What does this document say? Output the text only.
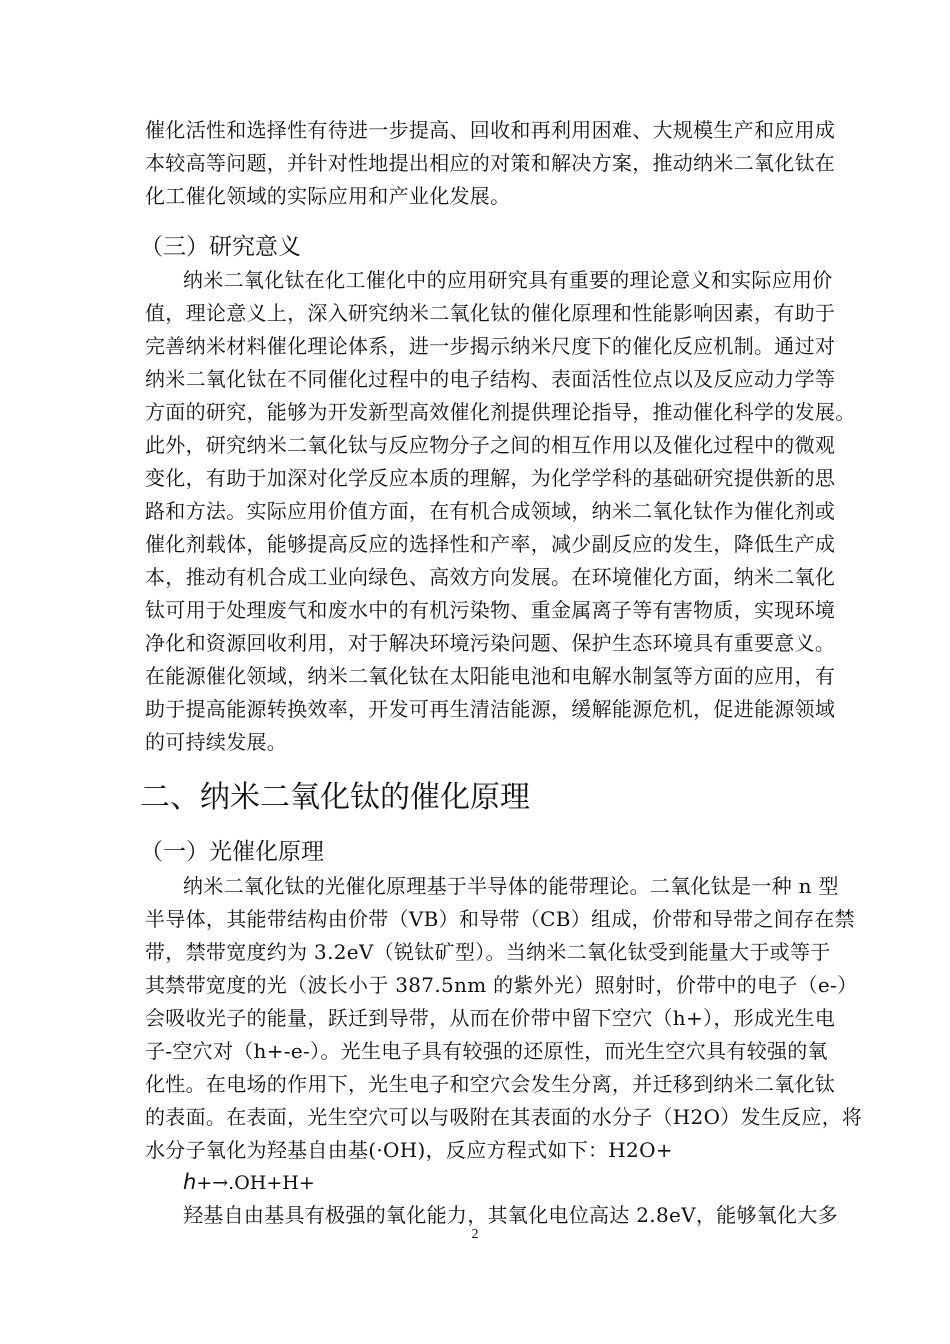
催化活性和选择性有待进一步提高、回收和再利用困难、大规模生产和应用成
本较高等问题，并针对性地提出相应的对策和解决方案，推动纳米二氧化钛在
化工催化领域的实际应用和产业化发展。
（三）研究意义
纳米二氧化钛在化工催化中的应用研究具有重要的理论意义和实际应用价
值，理论意义上，深入研究纳米二氧化钛的催化原理和性能影响因素，有助于
完善纳米材料催化理论体系，进一步揭示纳米尺度下的催化反应机制。通过对
纳米二氧化钛在不同催化过程中的电子结构、表面活性位点以及反应动力学等
方面的研究，能够为开发新型高效催化剂提供理论指导，推动催化科学的发展。
此外，研究纳米二氧化钛与反应物分子之间的相互作用以及催化过程中的微观
变化，有助于加深对化学反应本质的理解，为化学学科的基础研究提供新的思
路和方法。实际应用价值方面，在有机合成领域，纳米二氧化钛作为催化剂或
催化剂载体，能够提高反应的选择性和产率，减少副反应的发生，降低生产成
本，推动有机合成工业向绿色、高效方向发展。在环境催化方面，纳米二氧化
钛可用于处理废气和废水中的有机污染物、重金属离子等有害物质，实现环境
净化和资源回收利用，对于解决环境污染问题、保护生态环境具有重要意义。
在能源催化领域，纳米二氧化钛在太阳能电池和电解水制氢等方面的应用，有
助于提高能源转换效率，开发可再生清洁能源，缓解能源危机，促进能源领域
的可持续发展。
二、纳米二氧化钛的催化原理
（一）光催化原理
纳米二氧化钛的光催化原理基于半导体的能带理论。二氧化钛是一种 n 型
半导体，其能带结构由价带（VB）和导带（CB）组成，价带和导带之间存在禁
带，禁带宽度约为 3.2eV（锐钛矿型）。当纳米二氧化钛受到能量大于或等于
其禁带宽度的光（波长小于 387.5nm 的紫外光）照射时，价带中的电子（e-）
会吸收光子的能量，跃迁到导带，从而在价带中留下空穴（h+），形成光生电
子-空穴对（h+-e-）。光生电子具有较强的还原性，而光生空穴具有较强的氧
化性。在电场的作用下，光生电子和空穴会发生分离，并迁移到纳米二氧化钛
的表面。在表面，光生空穴可以与吸附在其表面的水分子（H2O）发生反应，将
水分子氧化为羟基自由基(·OH)，反应方程式如下：H2O+
h+→.OH+H+
羟基自由基具有极强的氧化能力，其氧化电位高达 2.8eV，能够氧化大多
2
